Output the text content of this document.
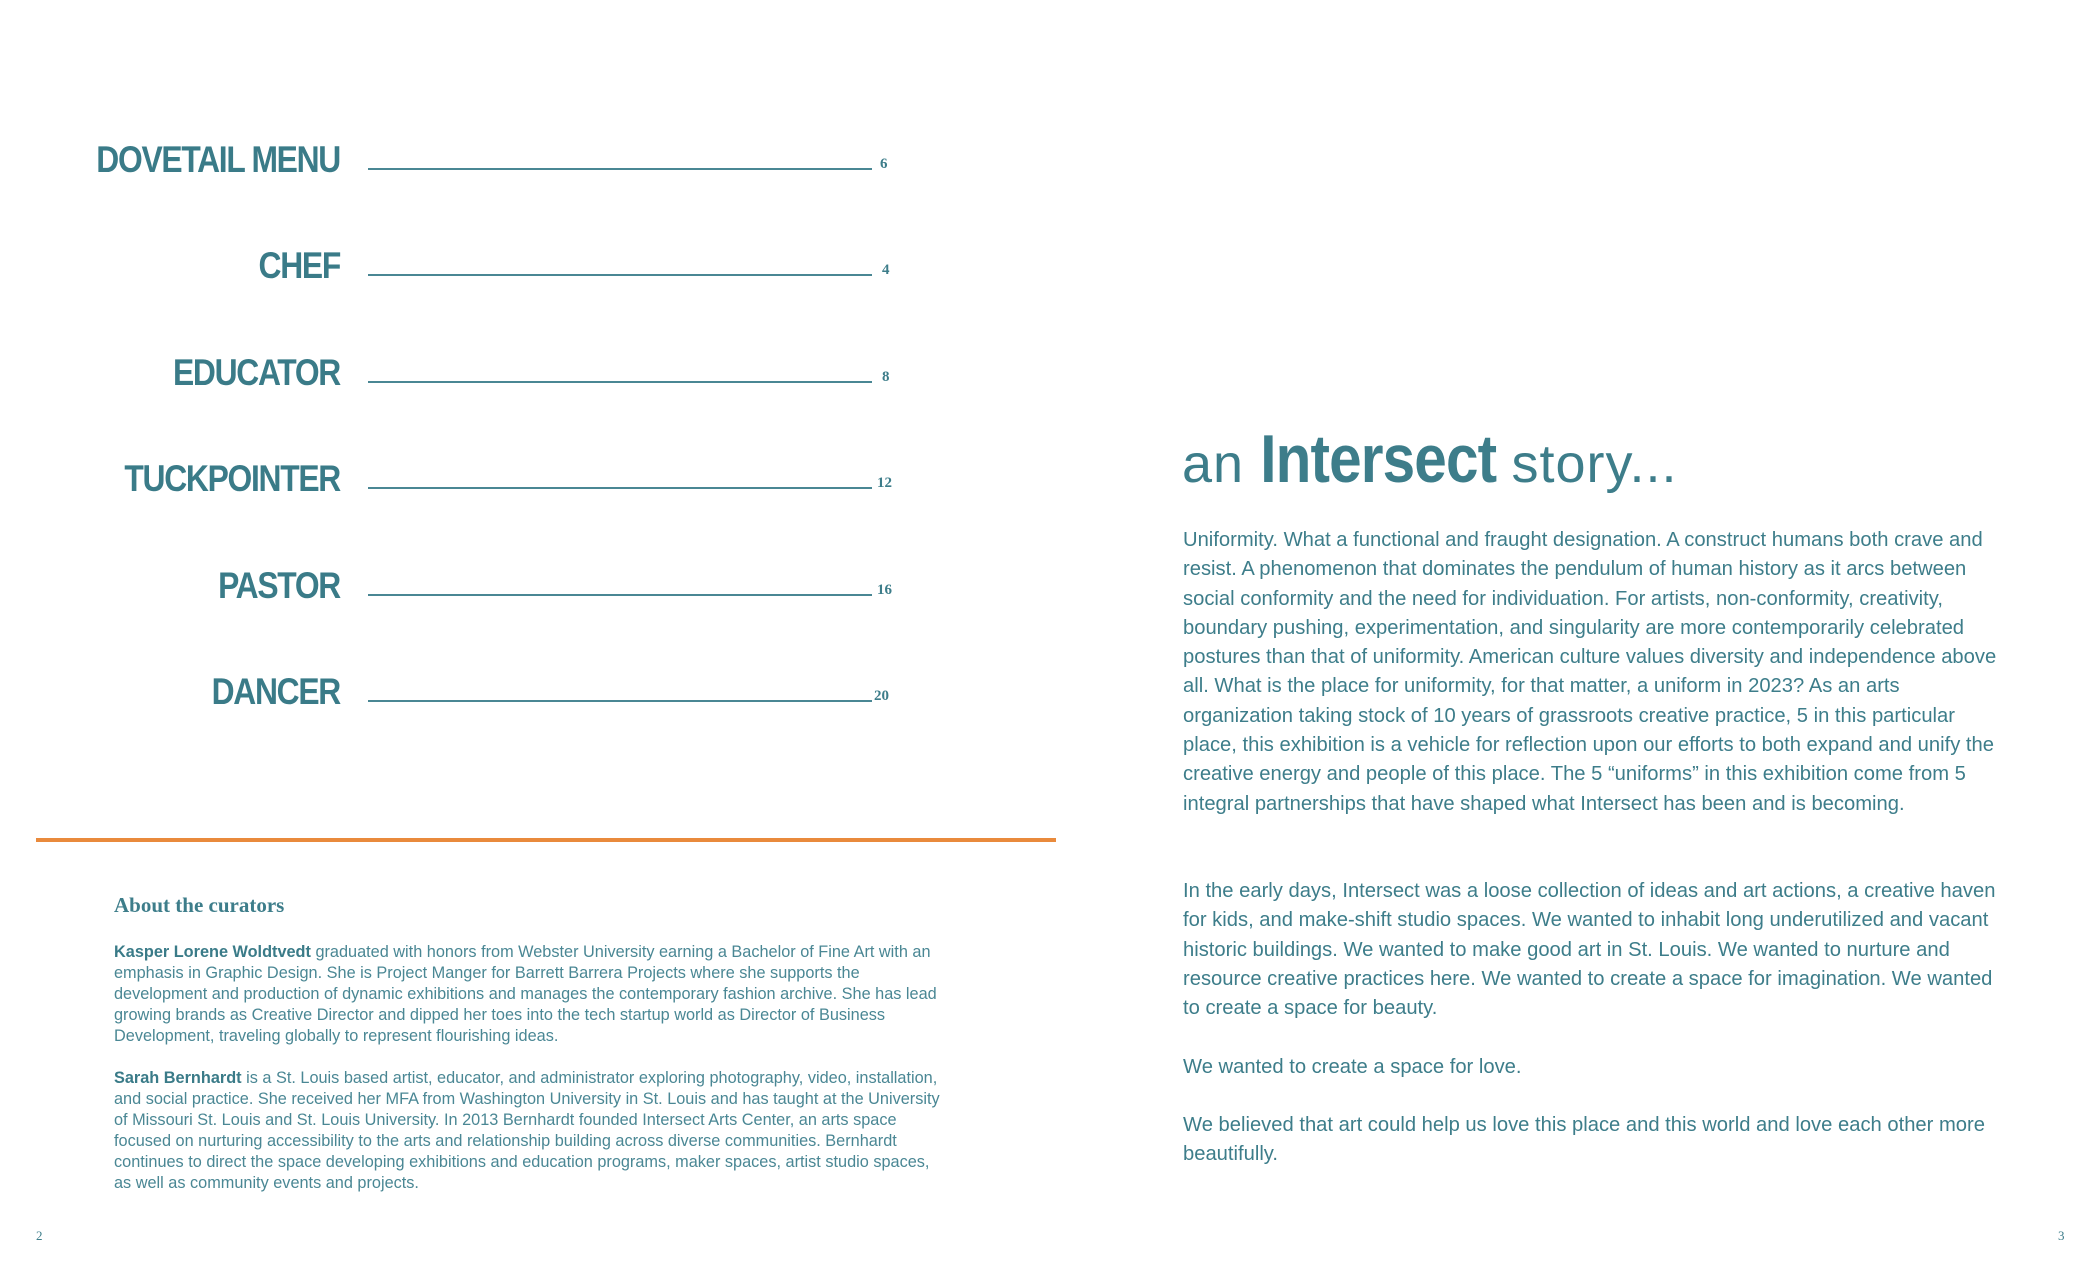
DOVETAIL MENU	6
CHEF	4
EDUCATOR	8
TUCKPOINTER	12
PASTOR	16
DANCER	20
About the curators

Kasper Lorene Woldtvedt graduated with honors from Webster University earning a Bachelor of Fine Art with an emphasis in Graphic Design. She is Project Manger for Barrett Barrera Projects where she supports the development and production of dynamic exhibitions and manages the contemporary fashion archive. She has lead growing brands as Creative Director and dipped her toes into the tech startup world as Director of Business Development, traveling globally to represent flourishing ideas.

Sarah Bernhardt is a St. Louis based artist, educator, and administrator exploring photography, video, installation, and social practice. She received her MFA from Washington University in St. Louis and has taught at the University of Missouri St. Louis and St. Louis University. In 2013 Bernhardt founded Intersect Arts Center, an arts space focused on nurturing accessibility to the arts and relationship building across diverse communities. Bernhardt continues to direct the space developing exhibitions and education programs, maker spaces, artist studio spaces, as well as community events and projects.

2
an Intersect story...

Uniformity. What a functional and fraught designation. A construct humans both crave and resist. A phenomenon that dominates the pendulum of human history as it arcs between social conformity and the need for individuation. For artists, non-conformity, creativity, boundary pushing, experimentation, and singularity are more contemporarily celebrated postures than that of uniformity. American culture values diversity and independence above all. What is the place for uniformity, for that matter, a uniform in 2023? As an arts organization taking stock of 10 years of grassroots creative practice, 5 in this particular place, this exhibition is a vehicle for reflection upon our efforts to both expand and unify the creative energy and people of this place. The 5 “uniforms” in this exhibition come from 5 integral partnerships that have shaped what Intersect has been and is becoming.

In the early days, Intersect was a loose collection of ideas and art actions, a creative haven for kids, and make-shift studio spaces. We wanted to inhabit long underutilized and vacant historic buildings. We wanted to make good art in St. Louis. We wanted to nurture and resource creative practices here. We wanted to create a space for imagination. We wanted to create a space for beauty.

We wanted to create a space for love.

We believed that art could help us love this place and this world and love each other more beautifully.

3
